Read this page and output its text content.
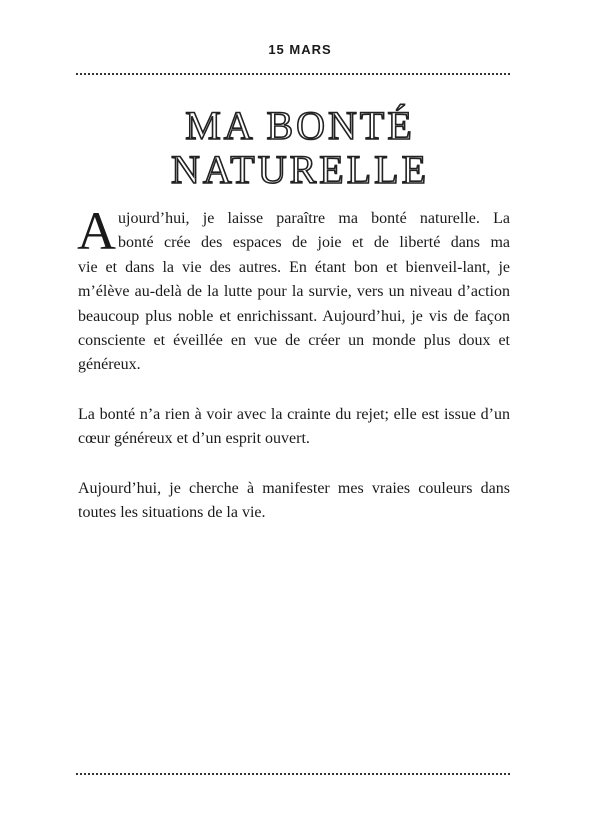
15 MARS
MA BONTÉ
NATURELLE

A ujourd’hui, je laisse paraître ma bonté naturelle. La
bonté crée des espaces de joie et de liberté dans ma
vie et dans la vie des autres. En étant bon et bienveil-lant, je m’élève au-delà de la lutte pour la survie, vers un niveau d’action beaucoup plus noble et enrichissant. Aujourd’hui, je vis de façon consciente et éveillée en vue de créer un monde plus doux et généreux.

La bonté n’a rien à voir avec la crainte du rejet; elle est issue d’un cœur généreux et d’un esprit ouvert.

Aujourd’hui, je cherche à manifester mes vraies couleurs dans toutes les situations de la vie.
